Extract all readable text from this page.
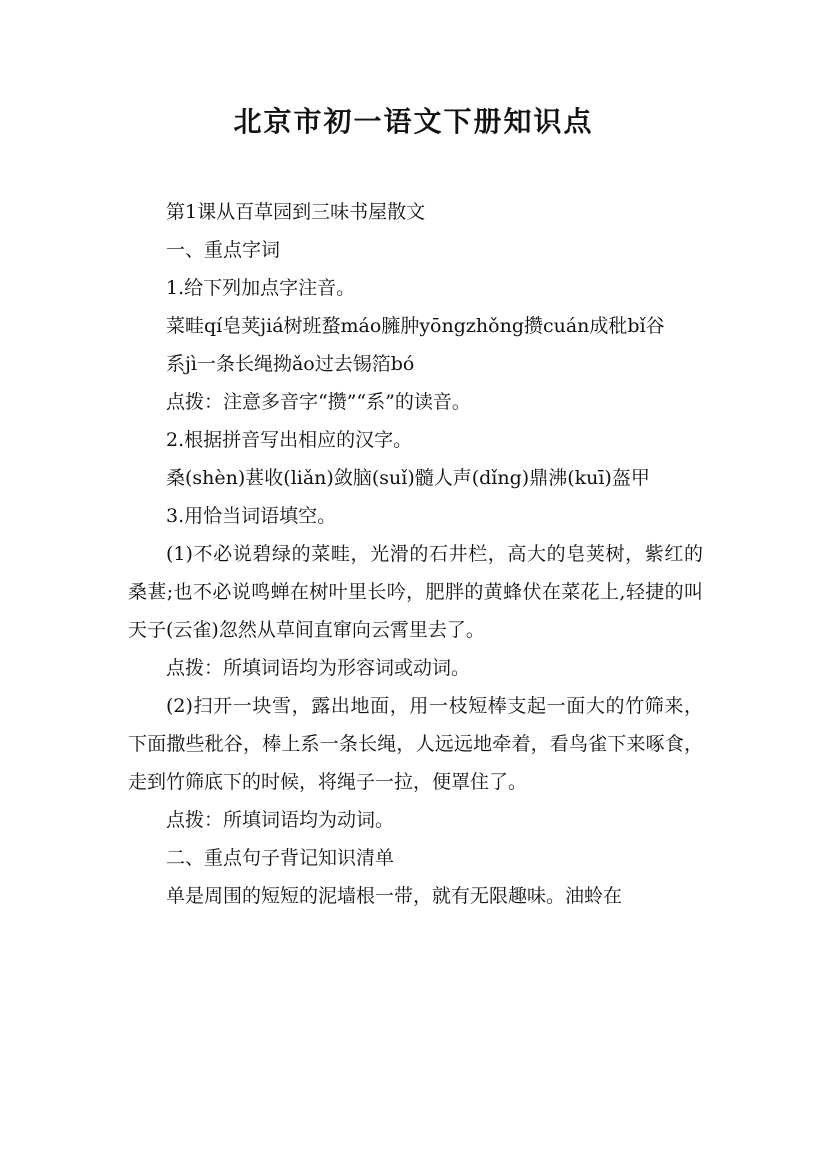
北京市初一语文下册知识点

第1课从百草园到三味书屋散文

一、重点字词

1.给下列加点字注音。

菜畦qí皂荚jiá树班蝥máo臃肿yōngzhǒng攒cuán成秕bǐ谷

系jì一条长绳拗ǎo过去锡箔bó

点拨：注意多音字“攒”“系”的读音。

2.根据拼音写出相应的汉字。

桑(shèn)葚收(liǎn)敛脑(suǐ)髓人声(dǐng)鼎沸(kuī)盔甲

3.用恰当词语填空。

(1)不必说碧绿的菜畦，光滑的石井栏，高大的皂荚树，紫红的桑葚;也不必说鸣蝉在树叶里长吟，肥胖的黄蜂伏在菜花上,轻捷的叫天子(云雀)忽然从草间直窜向云霄里去了。

点拨：所填词语均为形容词或动词。

(2)扫开一块雪，露出地面，用一枝短棒支起一面大的竹筛来，下面撒些秕谷，棒上系一条长绳，人远远地牵着，看鸟雀下来啄食，走到竹筛底下的时候，将绳子一拉，便罩住了。

点拨：所填词语均为动词。

二、重点句子背记知识清单

单是周围的短短的泥墙根一带，就有无限趣味。油蛉在
